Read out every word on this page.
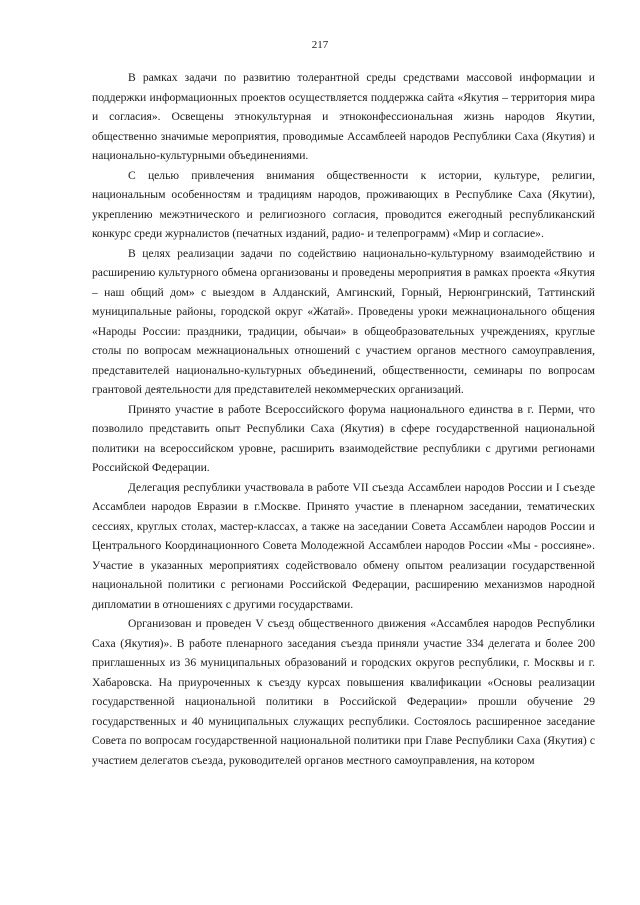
217

В рамках задачи по развитию толерантной среды средствами массовой информации и поддержки информационных проектов осуществляется поддержка сайта «Якутия – территория мира и согласия». Освещены этнокультурная и этноконфессиональная жизнь народов Якутии, общественно значимые мероприятия, проводимые Ассамблеей народов Республики Саха (Якутия) и национально-культурными объединениями.

С целью привлечения внимания общественности к истории, культуре, религии, национальным особенностям и традициям народов, проживающих в Республике Саха (Якутии), укреплению межэтнического и религиозного согласия, проводится ежегодный республиканский конкурс среди журналистов (печатных изданий, радио- и телепрограмм) «Мир и согласие».

В целях реализации задачи по содействию национально-культурному взаимодействию и расширению культурного обмена организованы и проведены мероприятия в рамках проекта «Якутия – наш общий дом» с выездом в Алданский, Амгинский, Горный, Нерюнгринский, Таттинский муниципальные районы, городской округ «Жатай». Проведены уроки межнационального общения «Народы России: праздники, традиции, обычаи» в общеобразовательных учреждениях, круглые столы по вопросам межнациональных отношений с участием органов местного самоуправления, представителей национально-культурных объединений, общественности, семинары по вопросам грантовой деятельности для представителей некоммерческих организаций.

Принято участие в работе Всероссийского форума национального единства в г. Перми, что позволило представить опыт Республики Саха (Якутия) в сфере государственной национальной политики на всероссийском уровне, расширить взаимодействие республики с другими регионами Российской Федерации.

Делегация республики участвовала в работе VII съезда Ассамблеи народов России и I съезде Ассамблеи народов Евразии в г.Москве. Принято участие в пленарном заседании, тематических сессиях, круглых столах, мастер-классах, а также на заседании Совета Ассамблеи народов России и Центрального Координационного Совета Молодежной Ассамблеи народов России «Мы - россияне». Участие в указанных мероприятиях содействовало обмену опытом реализации государственной национальной политики с регионами Российской Федерации, расширению механизмов народной дипломатии в отношениях с другими государствами.

Организован и проведен V съезд общественного движения «Ассамблея народов Республики Саха (Якутия)». В работе пленарного заседания съезда приняли участие 334 делегата и более 200 приглашенных из 36 муниципальных образований и городских округов республики, г. Москвы и г. Хабаровска. На приуроченных к съезду курсах повышения квалификации «Основы реализации государственной национальной политики в Российской Федерации» прошли обучение 29 государственных и 40 муниципальных служащих республики. Состоялось расширенное заседание Совета по вопросам государственной национальной политики при Главе Республики Саха (Якутия) с участием делегатов съезда, руководителей органов местного самоуправления, на котором
